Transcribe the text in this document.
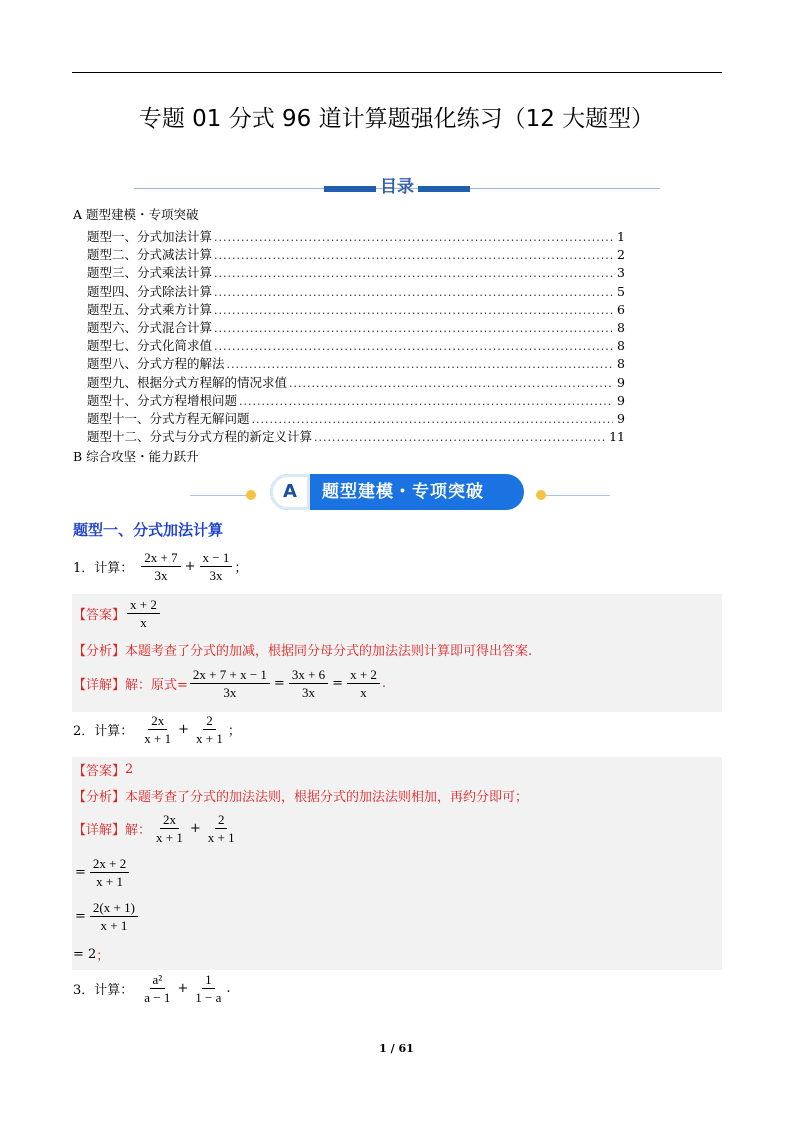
专题 01 分式 96 道计算题强化练习（12 大题型）
目录
A 题型建模・专项突破
题型一、分式加法计算 .....	1
题型二、分式减法计算 .....	2
题型三、分式乘法计算 .....	3
题型四、分式除法计算 .....	5
题型五、分式乘方计算 .....	6
题型六、分式混合计算 .....	8
题型七、分式化简求值 .....	8
题型八、分式方程的解法 .....	8
题型九、根据分式方程解的情况求值 .....	9
题型十、分式方程增根问题 .....	9
题型十一、分式方程无解问题 .....	9
题型十二、分式与分式方程的新定义计算 .....	11
B 综合攻坚・能力跃升
A	题型建模・专项突破
题型一、分式加法计算
1．计算： $\frac{2x + 7}{3x} + \frac{x - 1}{3x}$ ；
【答案】 $\frac{x + 2}{x}$
【分析】 本题考查了分式的加减，根据同分母分式的加法法则计算即可得出答案.
【详解】 解：原式= $\frac{2x + 7 + x - 1}{3x} = \frac{3x + 6}{3x} = \frac{x + 2}{x}$ .
2．计算： $\frac{2x}{x + 1} + \frac{2}{x + 1}$ ；
【答案】 2
【分析】 本题考查了分式的加法法则，根据分式的加法法则相加，再约分即可；
【详解】 解： $\frac{2x}{x + 1} + \frac{2}{x + 1}$
= $\frac{2x + 2}{x + 1}$
= $\frac{2(x + 1)}{x + 1}$
= 2 ；
3．计算： $\frac{\text{a²}}{a - 1} + \frac{1}{1 - a}$ .
1 / 61
